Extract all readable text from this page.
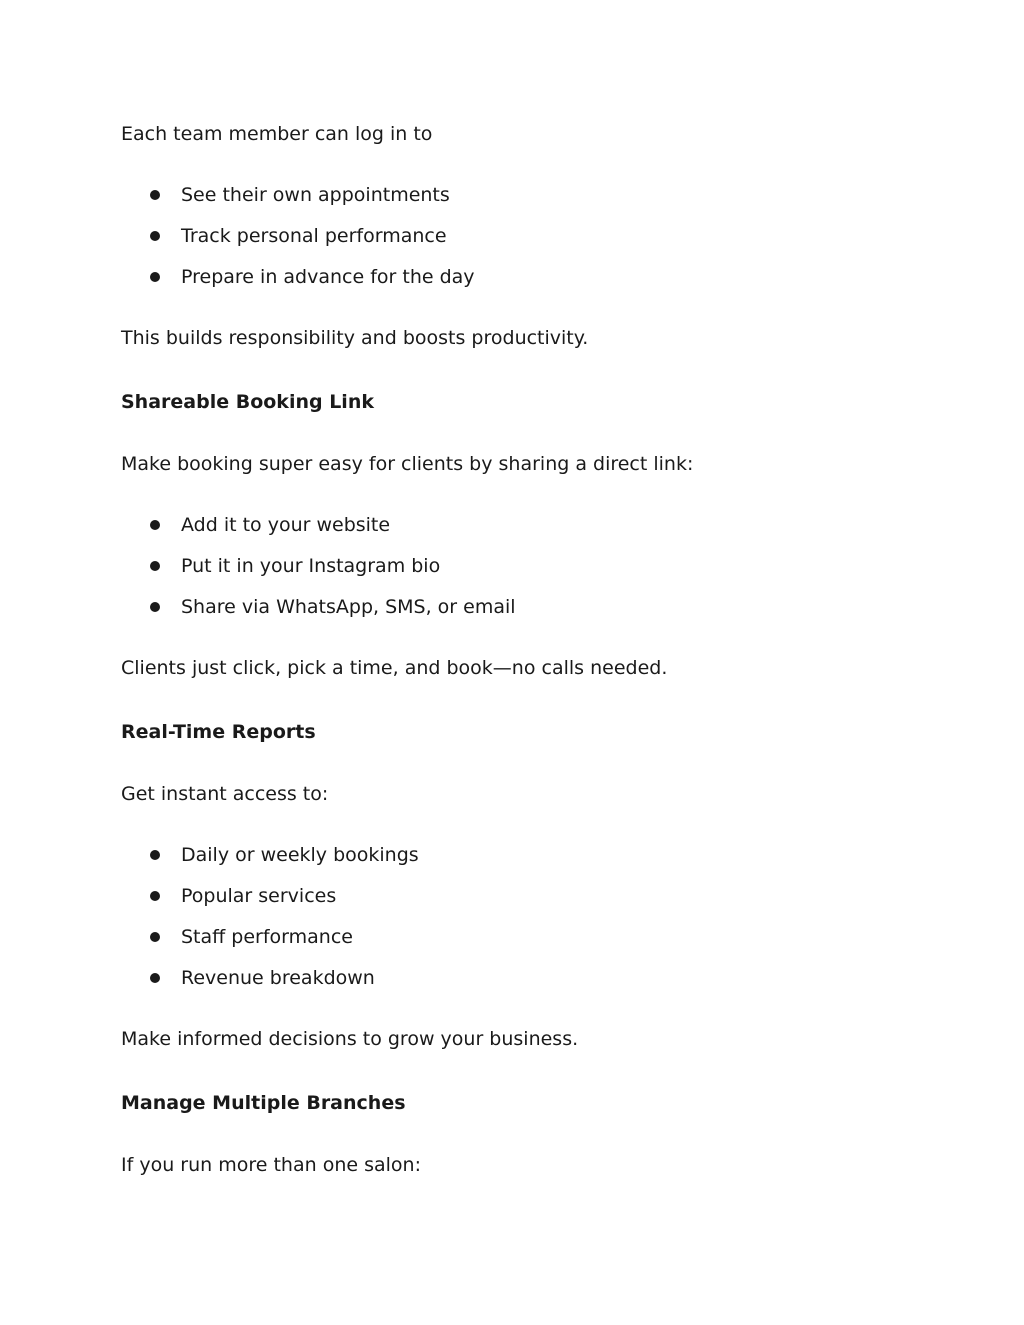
Each team member can log in to

See their own appointments
Track personal performance
Prepare in advance for the day

This builds responsibility and boosts productivity.

Shareable Booking Link

Make booking super easy for clients by sharing a direct link:

Add it to your website
Put it in your Instagram bio
Share via WhatsApp, SMS, or email

Clients just click, pick a time, and book—no calls needed.

Real-Time Reports

Get instant access to:

Daily or weekly bookings
Popular services
Staff performance
Revenue breakdown

Make informed decisions to grow your business.

Manage Multiple Branches

If you run more than one salon:
